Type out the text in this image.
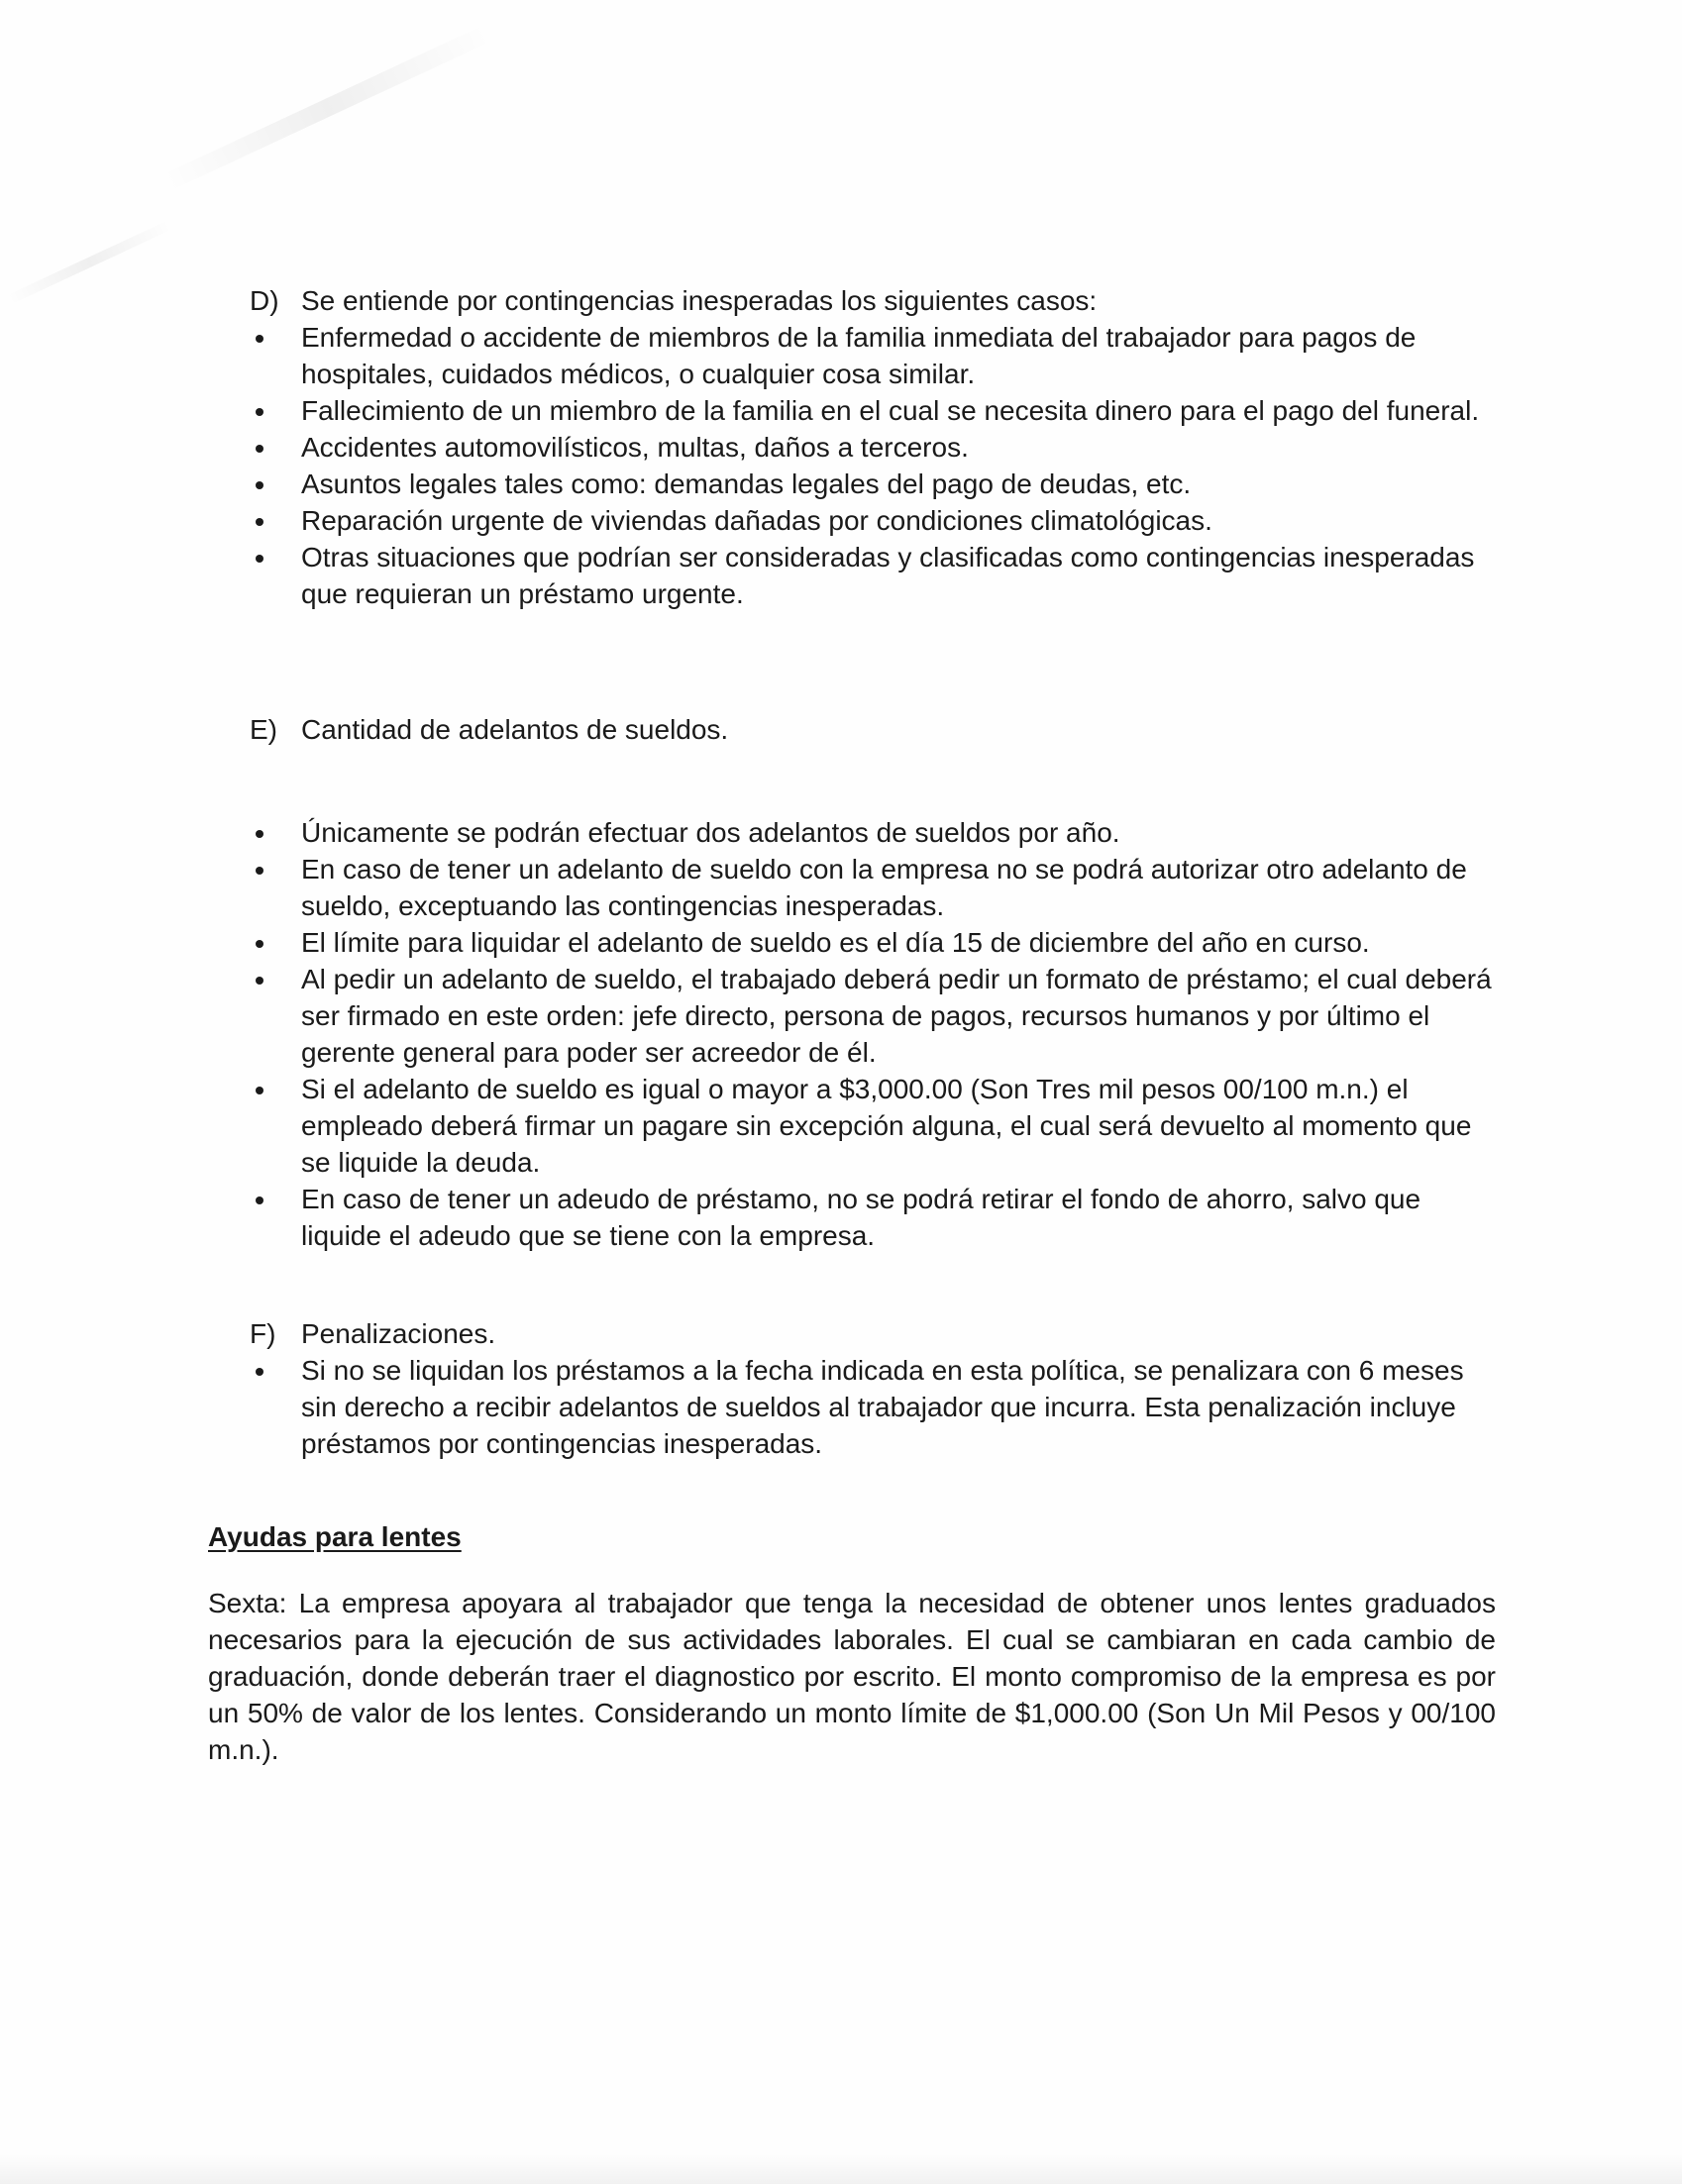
D) Se entiende por contingencias inesperadas los siguientes casos:
Enfermedad o accidente de miembros de la familia inmediata del trabajador para pagos de hospitales, cuidados médicos, o cualquier cosa similar.
Fallecimiento de un miembro de la familia en el cual se necesita dinero para el pago del funeral.
Accidentes automovilísticos, multas, daños a terceros.
Asuntos legales tales como: demandas legales del pago de deudas, etc.
Reparación urgente de viviendas dañadas por condiciones climatológicas.
Otras situaciones que podrían ser consideradas y clasificadas como contingencias inesperadas que requieran un préstamo urgente.
E) Cantidad de adelantos de sueldos.
Únicamente se podrán efectuar dos adelantos de sueldos por año.
En caso de tener un adelanto de sueldo con la empresa no se podrá autorizar otro adelanto de sueldo, exceptuando las contingencias inesperadas.
El límite para liquidar el adelanto de sueldo es el día 15 de diciembre del año en curso.
Al pedir un adelanto de sueldo, el trabajado deberá pedir un formato de préstamo; el cual deberá ser firmado en este orden: jefe directo, persona de pagos, recursos humanos y por último el gerente general para poder ser acreedor de él.
Si el adelanto de sueldo es igual o mayor a $3,000.00 (Son Tres mil pesos 00/100 m.n.) el empleado deberá firmar un pagare sin excepción alguna, el cual será devuelto al momento que se liquide la deuda.
En caso de tener un adeudo de préstamo, no se podrá retirar el fondo de ahorro, salvo que liquide el adeudo que se tiene con la empresa.
F) Penalizaciones.
Si no se liquidan los préstamos a la fecha indicada en esta política, se penalizara con 6 meses sin derecho a recibir adelantos de sueldos al trabajador que incurra. Esta penalización incluye préstamos por contingencias inesperadas.
Ayudas para lentes
Sexta: La empresa apoyara al trabajador que tenga la necesidad de obtener unos lentes graduados necesarios para la ejecución de sus actividades laborales. El cual se cambiaran en cada cambio de graduación, donde deberán traer el diagnostico por escrito. El monto compromiso de la empresa es por un 50% de valor de los lentes. Considerando un monto límite de $1,000.00 (Son Un Mil Pesos y 00/100 m.n.).
